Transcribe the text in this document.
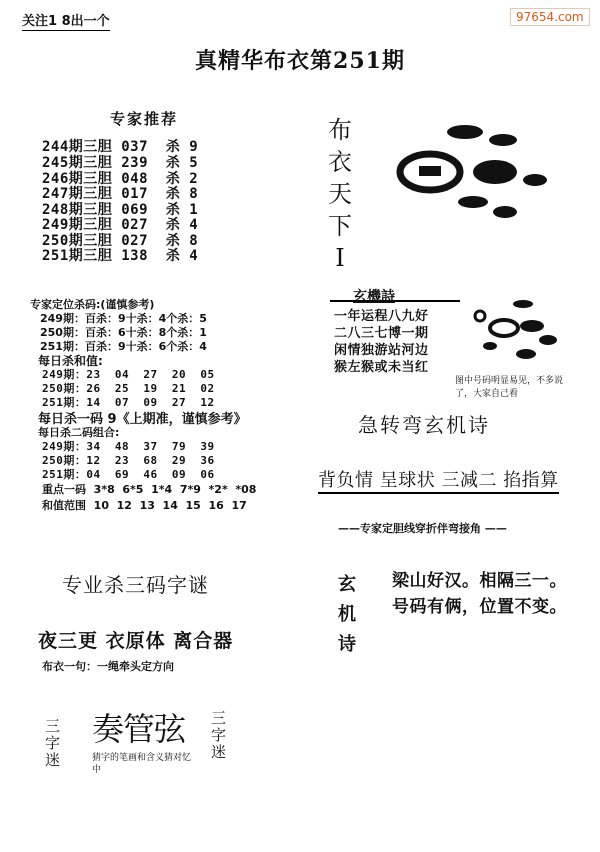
关注1 8出一个	97654.com
真精华布衣第251期
专家推荐
244期三胆 037  杀 9
245期三胆 239  杀 5
246期三胆 048  杀 2
247期三胆 017  杀 8
248期三胆 069  杀 1
249期三胆 027  杀 4
250期三胆 027  杀 8
251期三胆 138  杀 4
专家定位杀码:(谨慎参考)
249期：百杀：9十杀：4个杀：5
250期：百杀：6十杀：8个杀：1
251期：百杀：9十杀：6个杀：4
每日杀和值:
249期：23  04  27  20  05
250期：26  25  19  21  02
251期：14  07  09  27  12
每日杀一码 9《上期准，谨慎参考》
每日杀二码组合:
249期：34  48  37  79  39
250期：12  23  68  29  36
251期：04  69  46  09  06
重点一码  3*8  6*5  1*4  7*9  *2*  *08
和值范围  10  12  13  14  15  16  17
专业杀三码字谜
夜三更 衣原体 离合器
布衣一句：一绳牵头定方向
三字迷 奏管弦
猜字的笔画和含义猜对忆中
三字迷
布衣天下I
玄機詩
一年运程八九好
二八三七博一期
闲情独游站河边
猴左猴或未当红
图中号码明显易见，不多说了，大家自己看
急转弯玄机诗
背负情 呈球状 三减二 掐指算
——专家定胆线穿折伴弯接角 ——
玄机诗
梁山好汉。相隔三一。
号码有俩，位置不变。
